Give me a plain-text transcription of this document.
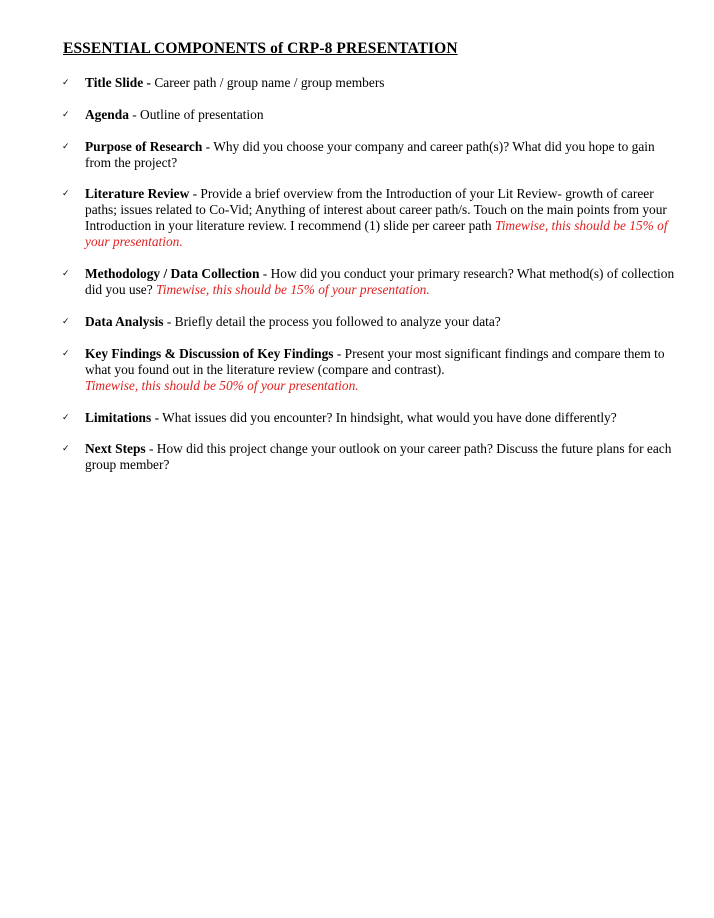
ESSENTIAL COMPONENTS of CRP-8 PRESENTATION
✓	Title Slide - Career path / group name / group members
✓	Agenda - Outline of presentation
✓	Purpose of Research - Why did you choose your company and career path(s)? What did you hope to gain from the project?
✓	Literature Review - Provide a brief overview from the Introduction of your Lit Review- growth of career paths; issues related to Co-Vid; Anything of interest about career path/s. Touch on the main points from your Introduction in your literature review. I recommend (1) slide per career path Timewise, this should be 15% of your presentation.
✓	Methodology / Data Collection - How did you conduct your primary research? What method(s) of collection did you use? Timewise, this should be 15% of your presentation.
✓	Data Analysis - Briefly detail the process you followed to analyze your data?
✓	Key Findings & Discussion of Key Findings - Present your most significant findings and compare them to what you found out in the literature review (compare and contrast).
Timewise, this should be 50% of your presentation.
✓	Limitations - What issues did you encounter? In hindsight, what would you have done differently?
✓	Next Steps - How did this project change your outlook on your career path? Discuss the future plans for each group member?
